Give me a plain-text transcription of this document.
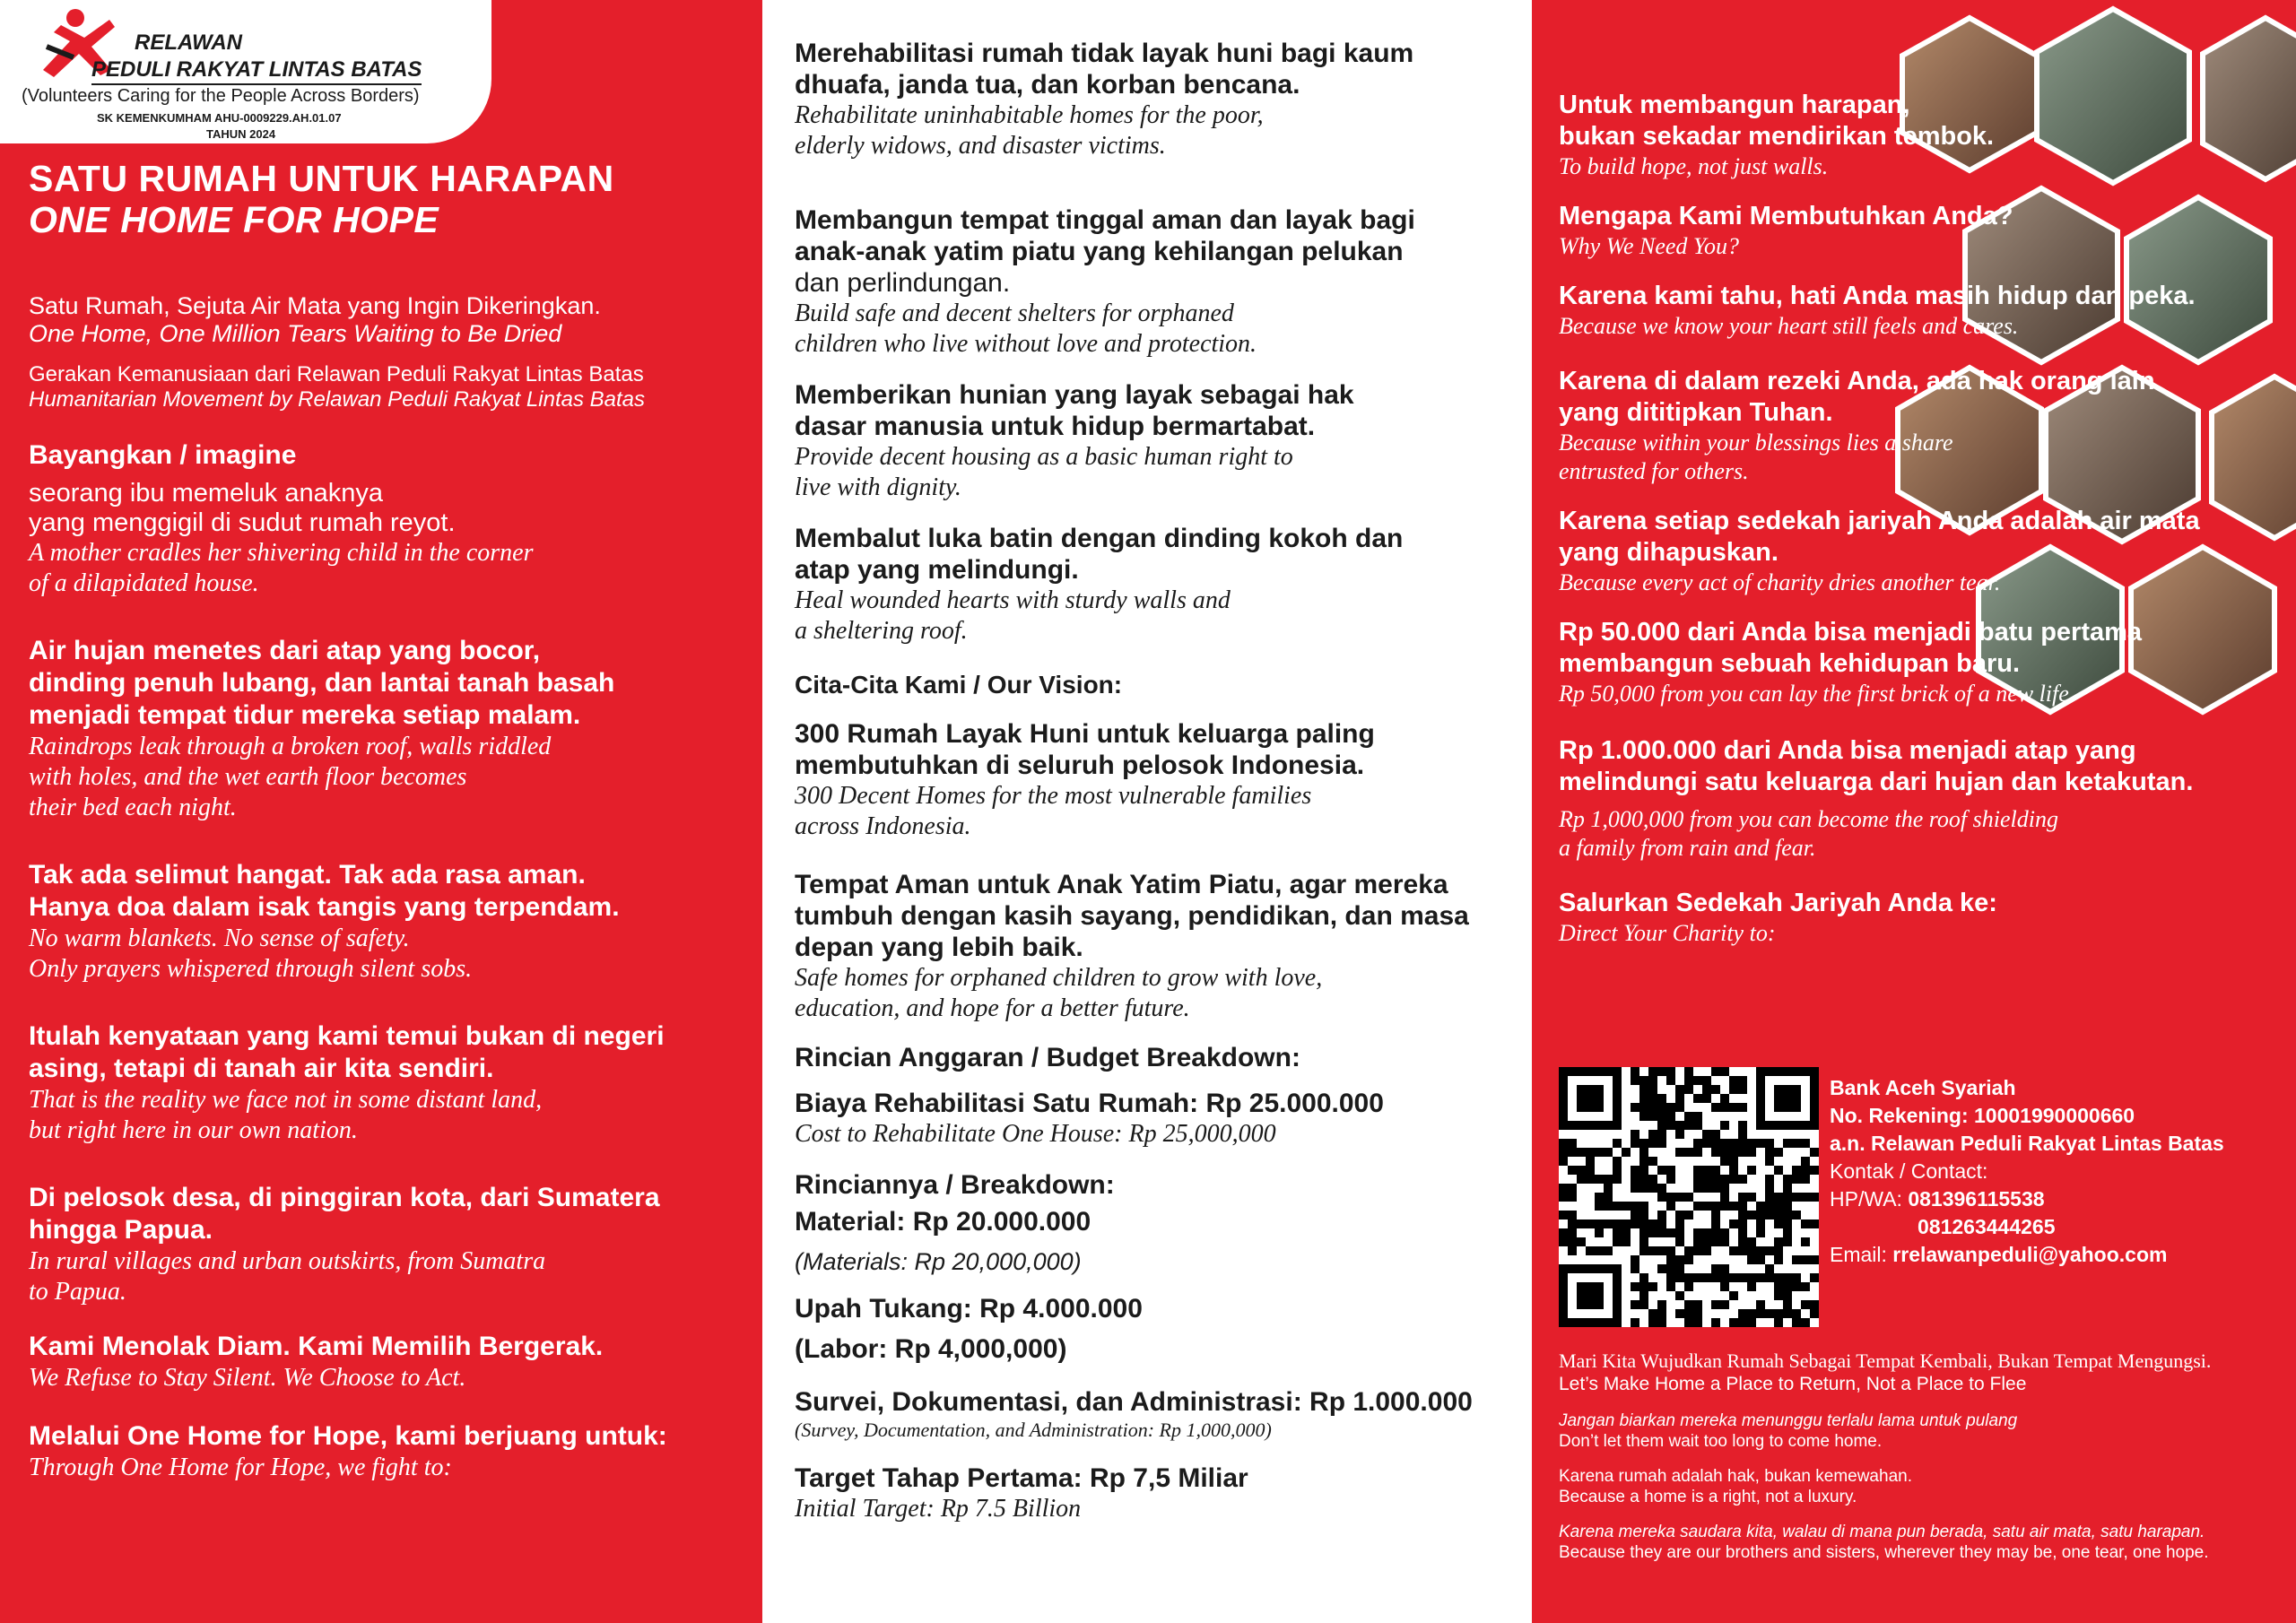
RELAWAN
PEDULI RAKYAT LINTAS BATAS
(Volunteers Caring for the People Across Borders)
SK KEMENKUMHAM AHU-0009229.AH.01.07
TAHUN 2024
SATU RUMAH UNTUK HARAPAN
ONE HOME FOR HOPE
Satu Rumah, Sejuta Air Mata yang Ingin Dikeringkan.
One Home, One Million Tears Waiting to Be Dried
Gerakan Kemanusiaan dari Relawan Peduli Rakyat Lintas Batas
Humanitarian Movement by Relawan Peduli Rakyat Lintas Batas

Bayangkan / imagine

seorang ibu memeluk anaknya

yang menggigil di sudut rumah reyot.

A mother cradles her shivering child in the corner

of a dilapidated house.

Air hujan menetes dari atap yang bocor,

dinding penuh lubang, dan lantai tanah basah

menjadi tempat tidur mereka setiap malam.

Raindrops leak through a broken roof, walls riddled

with holes, and the wet earth floor becomes

their bed each night.

Tak ada selimut hangat. Tak ada rasa aman.

Hanya doa dalam isak tangis yang terpendam.

No warm blankets. No sense of safety.

Only prayers whispered through silent sobs.

Itulah kenyataan yang kami temui bukan di negeri

asing, tetapi di tanah air kita sendiri.

That is the reality we face not in some distant land,

but right here in our own nation.

Di pelosok desa, di pinggiran kota, dari Sumatera

hingga Papua.

In rural villages and urban outskirts, from Sumatra

to Papua.

Kami Menolak Diam. Kami Memilih Bergerak.

We Refuse to Stay Silent. We Choose to Act.

Melalui One Home for Hope, kami berjuang untuk:

Through One Home for Hope, we fight to:

Merehabilitasi rumah tidak layak huni bagi kaum

dhuafa, janda tua, dan korban bencana.

Rehabilitate uninhabitable homes for the poor,

elderly widows, and disaster victims.

Membangun tempat tinggal aman dan layak bagi

anak-anak yatim piatu yang kehilangan pelukan

dan perlindungan.

Build safe and decent shelters for orphaned

children who live without love and protection.

Memberikan hunian yang layak sebagai hak

dasar manusia untuk hidup bermartabat.

Provide decent housing as a basic human right to

live with dignity.

Membalut luka batin dengan dinding kokoh dan

atap yang melindungi.

Heal wounded hearts with sturdy walls and

a sheltering roof.

Cita-Cita Kami / Our Vision:

300 Rumah Layak Huni untuk keluarga paling

membutuhkan di seluruh pelosok Indonesia.

300 Decent Homes for the most vulnerable families

across Indonesia.

Tempat Aman untuk Anak Yatim Piatu, agar mereka

tumbuh dengan kasih sayang, pendidikan, dan masa

depan yang lebih baik.

Safe homes for orphaned children to grow with love,

education, and hope for a better future.

Rincian Anggaran / Budget Breakdown:

Biaya Rehabilitasi Satu Rumah: Rp 25.000.000

Cost to Rehabilitate One House: Rp 25,000,000

Rinciannya / Breakdown:

Material: Rp 20.000.000

(Materials: Rp 20,000,000)

Upah Tukang: Rp 4.000.000

(Labor: Rp 4,000,000)

Survei, Dokumentasi, dan Administrasi: Rp 1.000.000

(Survey, Documentation, and Administration: Rp 1,000,000)

Target Tahap Pertama: Rp 7,5 Miliar

Initial Target: Rp 7.5 Billion

Untuk membangun harapan,

bukan sekadar mendirikan tembok.

To build hope, not just walls.

Mengapa Kami Membutuhkan Anda?

Why We Need You?

Karena kami tahu, hati Anda masih hidup dan peka.

Because we know your heart still feels and cares.

Karena di dalam rezeki Anda, ada hak orang lain

yang dititipkan Tuhan.

Because within your blessings lies a share

entrusted for others.

Karena setiap sedekah jariyah Anda adalah air mata

yang dihapuskan.

Because every act of charity dries another tear.

Rp 50.000 dari Anda bisa menjadi batu pertama

membangun sebuah kehidupan baru.

Rp 50,000 from you can lay the first brick of a new life.

Rp 1.000.000 dari Anda bisa menjadi atap yang

melindungi satu keluarga dari hujan dan ketakutan.

Rp 1,000,000 from you can become the roof shielding

a family from rain and fear.

Salurkan Sedekah Jariyah Anda ke:

Direct Your Charity to:

Bank Aceh Syariah
No. Rekening: 10001990000660
a.n. Relawan Peduli Rakyat Lintas Batas
Kontak / Contact:
HP/WA: 081396115538
081263444265
Email: rrelawanpeduli@yahoo.com
Mari Kita Wujudkan Rumah Sebagai Tempat Kembali, Bukan Tempat Mengungsi.
Let’s Make Home a Place to Return, Not a Place to Flee
Jangan biarkan mereka menunggu terlalu lama untuk pulang
Don’t let them wait too long to come home.
Karena rumah adalah hak, bukan kemewahan.
Because a home is a right, not a luxury.
Karena mereka saudara kita, walau di mana pun berada, satu air mata, satu harapan.
Because they are our brothers and sisters, wherever they may be, one tear, one hope.
